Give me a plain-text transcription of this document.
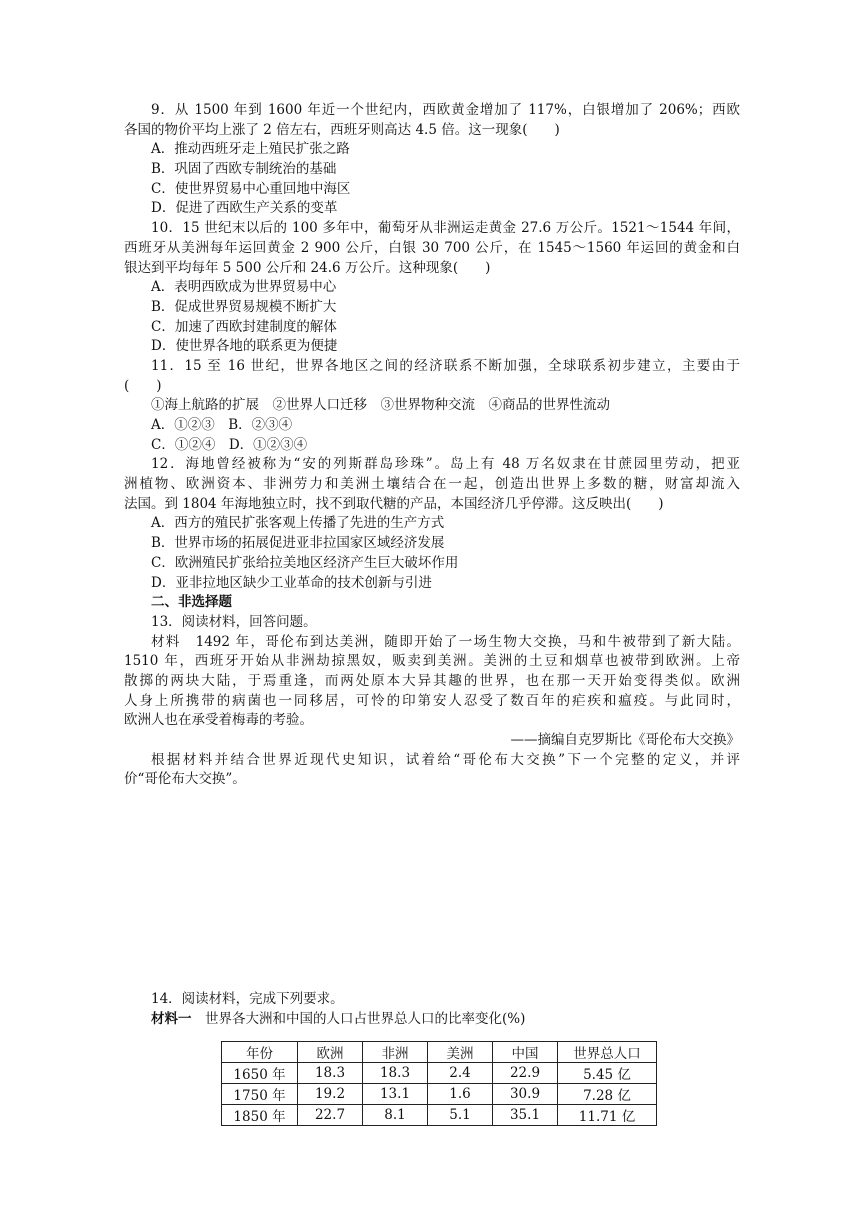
9．从 1500 年到 1600 年近一个世纪内，西欧黄金增加了 117%，白银增加了 206%；西欧
各国的物价平均上涨了 2 倍左右，西班牙则高达 4.5 倍。这一现象(　　)
A．推动西班牙走上殖民扩张之路
B．巩固了西欧专制统治的基础
C．使世界贸易中心重回地中海区
D．促进了西欧生产关系的变革
10．15 世纪末以后的 100 多年中，葡萄牙从非洲运走黄金 27.6 万公斤。1521～1544 年间，
西班牙从美洲每年运回黄金 2 900 公斤，白银 30 700 公斤，在 1545～1560 年运回的黄金和白
银达到平均每年 5 500 公斤和 24.6 万公斤。这种现象(　　)
A．表明西欧成为世界贸易中心
B．促成世界贸易规模不断扩大
C．加速了西欧封建制度的解体
D．使世界各地的联系更为便捷
11．15 至 16 世纪，世界各地区之间的经济联系不断加强，全球联系初步建立，主要由于
(　　)
①海上航路的扩展　②世界人口迁移　③世界物种交流　④商品的世界性流动
A．①②③　B．②③④
C．①②④　D．①②③④
12．海地曾经被称为“安的列斯群岛珍珠”。岛上有 48 万名奴隶在甘蔗园里劳动，把亚
洲植物、欧洲资本、非洲劳力和美洲土壤结合在一起，创造出世界上多数的糖，财富却流入
法国。到 1804 年海地独立时，找不到取代糖的产品，本国经济几乎停滞。这反映出(　　)
A．西方的殖民扩张客观上传播了先进的生产方式
B．世界市场的拓展促进亚非拉国家区域经济发展
C．欧洲殖民扩张给拉美地区经济产生巨大破坏作用
D．亚非拉地区缺少工业革命的技术创新与引进
二、非选择题
13．阅读材料，回答问题。
材料　1492 年，哥伦布到达美洲，随即开始了一场生物大交换，马和牛被带到了新大陆。
1510 年，西班牙开始从非洲劫掠黑奴，贩卖到美洲。美洲的土豆和烟草也被带到欧洲。上帝
散掷的两块大陆，于焉重逢，而两处原本大异其趣的世界，也在那一天开始变得类似。欧洲
人身上所携带的病菌也一同移居，可怜的印第安人忍受了数百年的疟疾和瘟疫。与此同时，
欧洲人也在承受着梅毒的考验。
——摘编自克罗斯比《哥伦布大交换》
根据材料并结合世界近现代史知识，试着给“哥伦布大交换”下一个完整的定义，并评
价“哥伦布大交换”。
14．阅读材料，完成下列要求。
材料一　世界各大洲和中国的人口占世界总人口的比率变化(%)
年份	欧洲	非洲	美洲	中国	世界总人口
1650 年	18.3	18.3	2.4	22.9	5.45 亿
1750 年	19.2	13.1	1.6	30.9	7.28 亿
1850 年	22.7	8.1	5.1	35.1	11.71 亿
